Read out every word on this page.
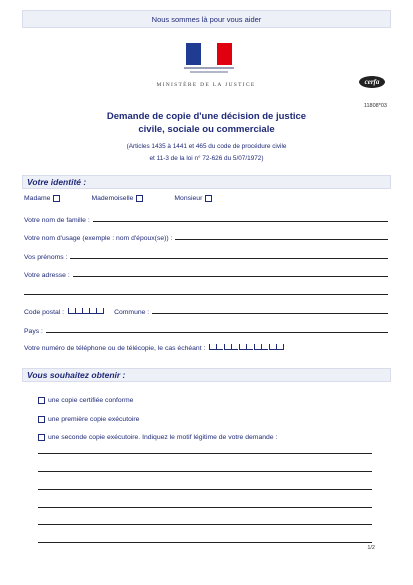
Nous sommes là pour vous aider
MINISTÈRE DE LA JUSTICE	cerfa
11808*03
Demande de copie d'une décision de justice
civile, sociale ou commerciale
(Articles 1435 à 1441 et 465 du code de procédure civile
et 11-3 de la loi n° 72-626 du 5/07/1972)
Votre identité :
Madame	Mademoiselle	Monsieur
Votre nom de famille :
Votre nom d'usage (exemple : nom d'époux(se)) :
Vos prénoms :
Votre adresse :
Code postal :	Commune :
Pays :
Votre numéro de téléphone ou de télécopie, le cas échéant :
Vous souhaitez obtenir :
une copie certifiée conforme
une première copie exécutoire
une seconde copie exécutoire. Indiquez le motif légitime de votre demande :
1/2
